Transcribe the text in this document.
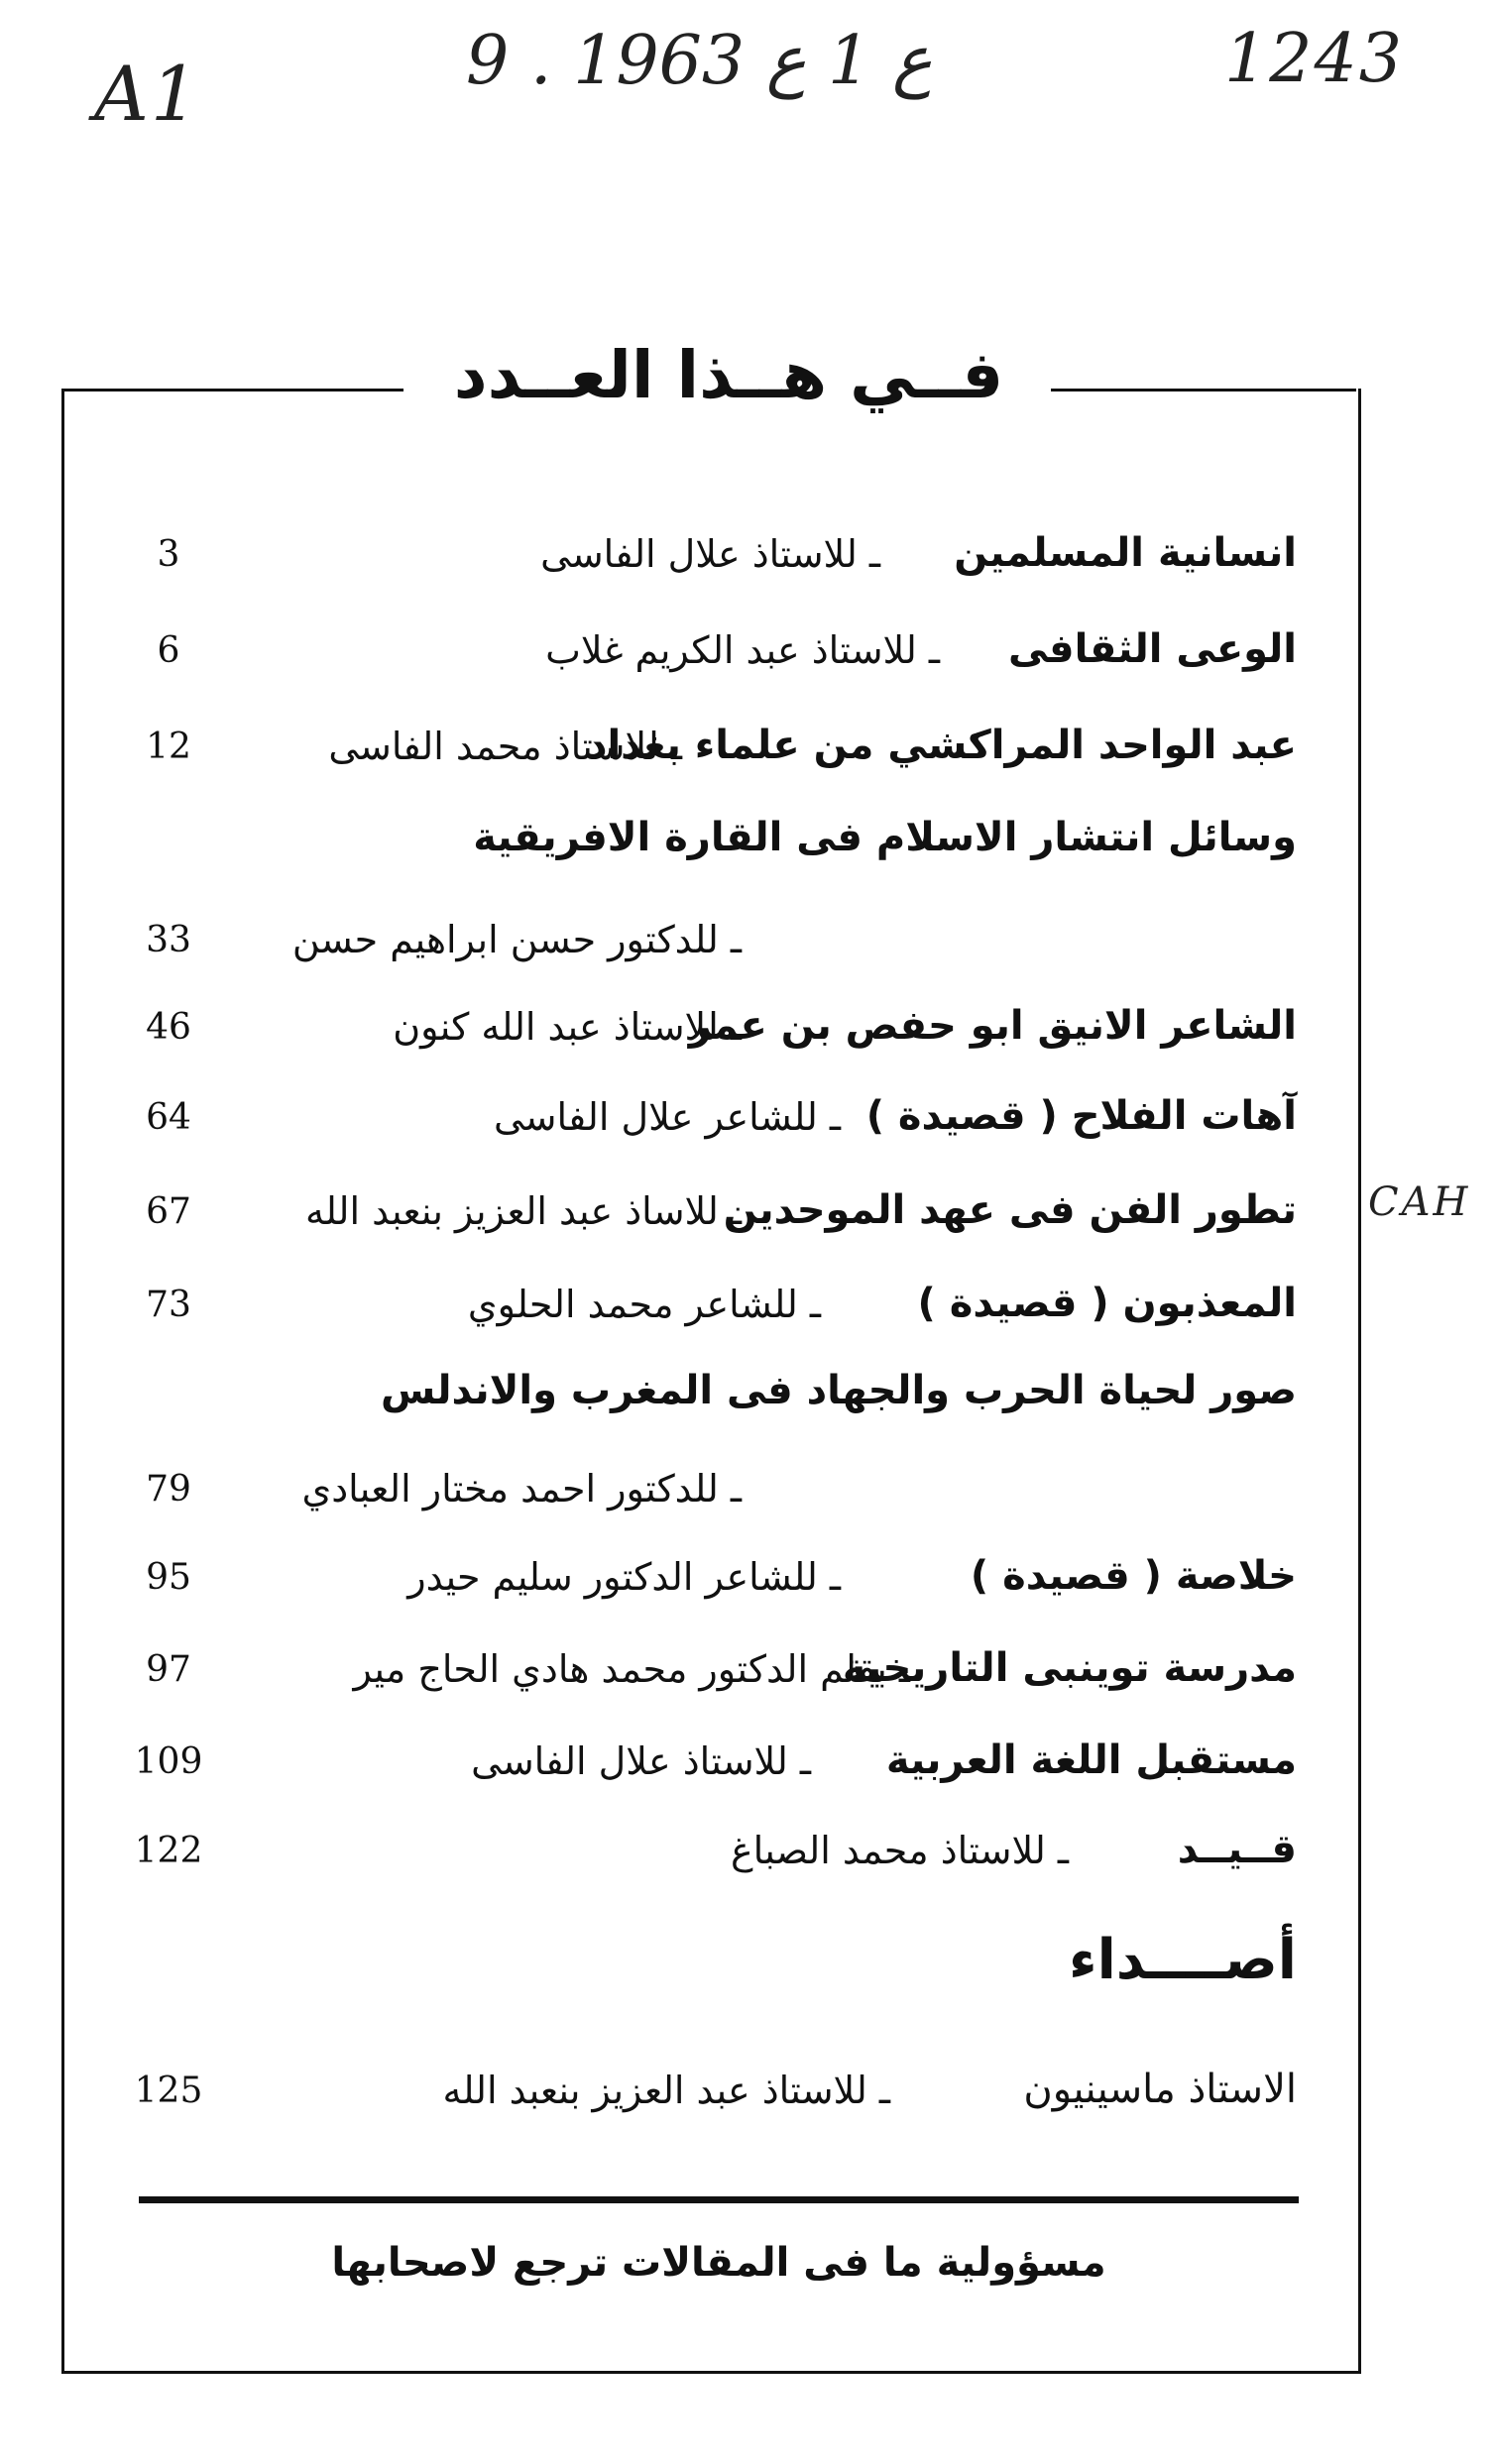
A1	9 . ع 1 ع 1963	1243
CAH
فــي هــذا العــدد
انسانية المسلمين
ـ للاستاذ علال الفاسى
3
الوعى الثقافى
ـ للاستاذ عبد الكريم غلاب
6
عبد الواحد المراكشي من علماء بغداد
ـ للاستاذ محمد الفاسى
12
وسائل انتشار الاسلام فى القارة الافريقية
ـ للدكتور حسن ابراهيم حسن
33
الشاعر الانيق ابو حفص بن عمر
ـ للاستاذ عبد الله كنون
46
آهات الفلاح ( قصيدة )
ـ للشاعر علال الفاسى
64
تطور الفن فى عهد الموحدين
ـ للاساذ عبد العزيز بنعبد الله
67
المعذبون ( قصيدة )
ـ للشاعر محمد الحلوي
73
صور لحياة الحرب والجهاد فى المغرب والاندلس
ـ للدكتور احمد مختار العبادي
79
خلاصة ( قصيدة )
ـ للشاعر الدكتور سليم حيدر
95
مدرسة توينبى التاريخية
ـ بقلم الدكتور محمد هادي الحاج مير
97
مستقبل اللغة العربية
ـ للاستاذ علال الفاسى
109
قــيــد
ـ للاستاذ محمد الصباغ
122
أصــــداء
الاستاذ ماسينيون
ـ للاستاذ عبد العزيز بنعبد الله
125
مسؤولية ما فى المقالات ترجع لاصحابها
